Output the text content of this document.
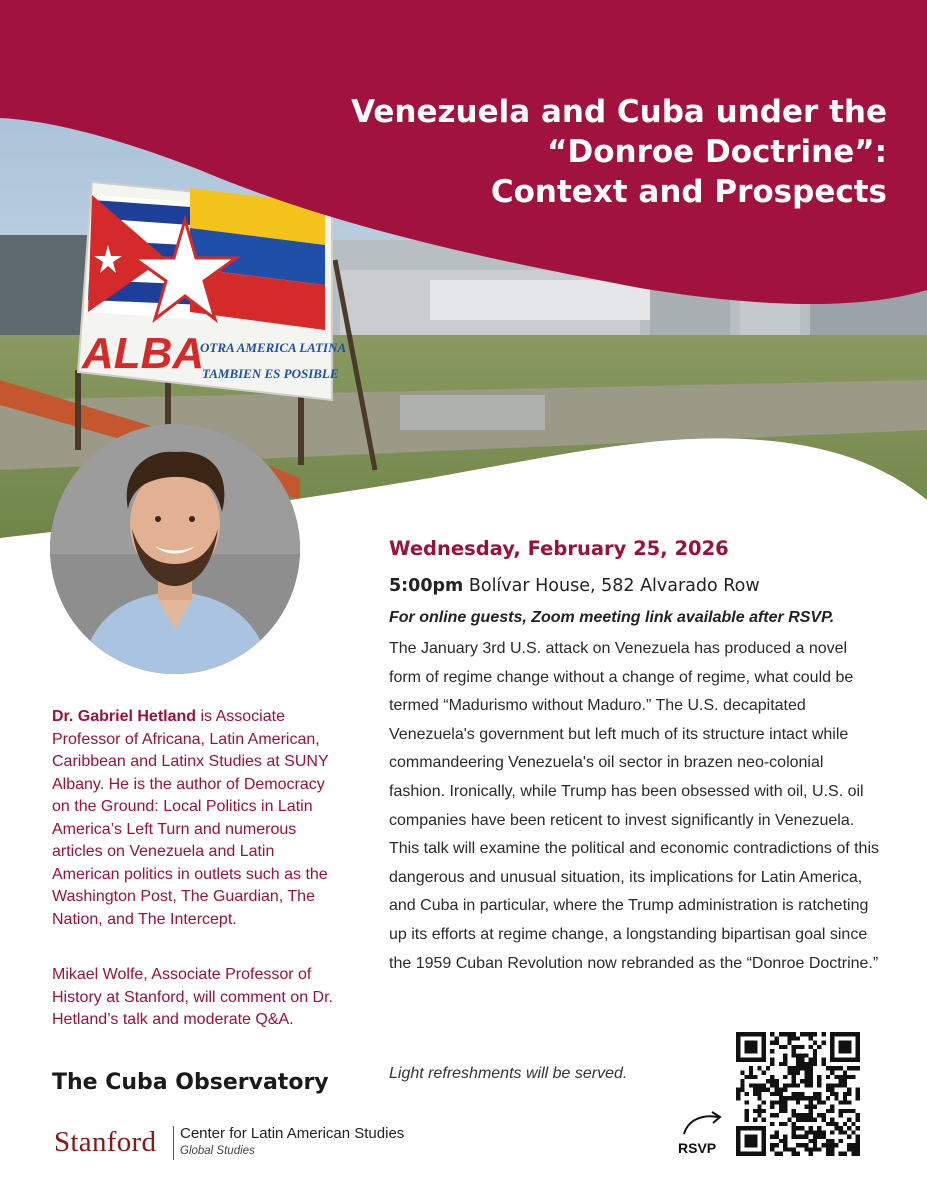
ALBA
OTRA AMERICA LATINA
TAMBIEN ES POSIBLE
Venezuela and Cuba under the
“Donroe Doctrine”:
Context and Prospects
Wednesday, February 25, 2026
5:00pm Bolívar House, 582 Alvarado Row
For online guests, Zoom meeting link available after RSVP.
The January 3rd U.S. attack on Venezuela has produced a novel form of regime change without a change of regime, what could be termed “Madurismo without Maduro.” The U.S. decapitated Venezuela's government but left much of its structure intact while commandeering Venezuela's oil sector in brazen neo-colonial fashion. Ironically, while Trump has been obsessed with oil, U.S. oil companies have been reticent to invest significantly in Venezuela. This talk will examine the political and economic contradictions of this dangerous and unusual situation, its implications for Latin America, and Cuba in particular, where the Trump administration is ratcheting up its efforts at regime change, a longstanding bipartisan goal since the 1959 Cuban Revolution now rebranded as the “Donroe Doctrine.”
Light refreshments will be served.
Dr. Gabriel Hetland is Associate Professor of Africana, Latin American, Caribbean and Latinx Studies at SUNY Albany. He is the author of Democracy on the Ground: Local Politics in Latin America’s Left Turn and numerous articles on Venezuela and Latin American politics in outlets such as the Washington Post, The Guardian, The Nation, and The Intercept.
Mikael Wolfe, Associate Professor of History at Stanford, will comment on Dr. Hetland’s talk and moderate Q&A.
The Cuba Observatory
Stanford Center for Latin American Studies
Global Studies	RSVP
